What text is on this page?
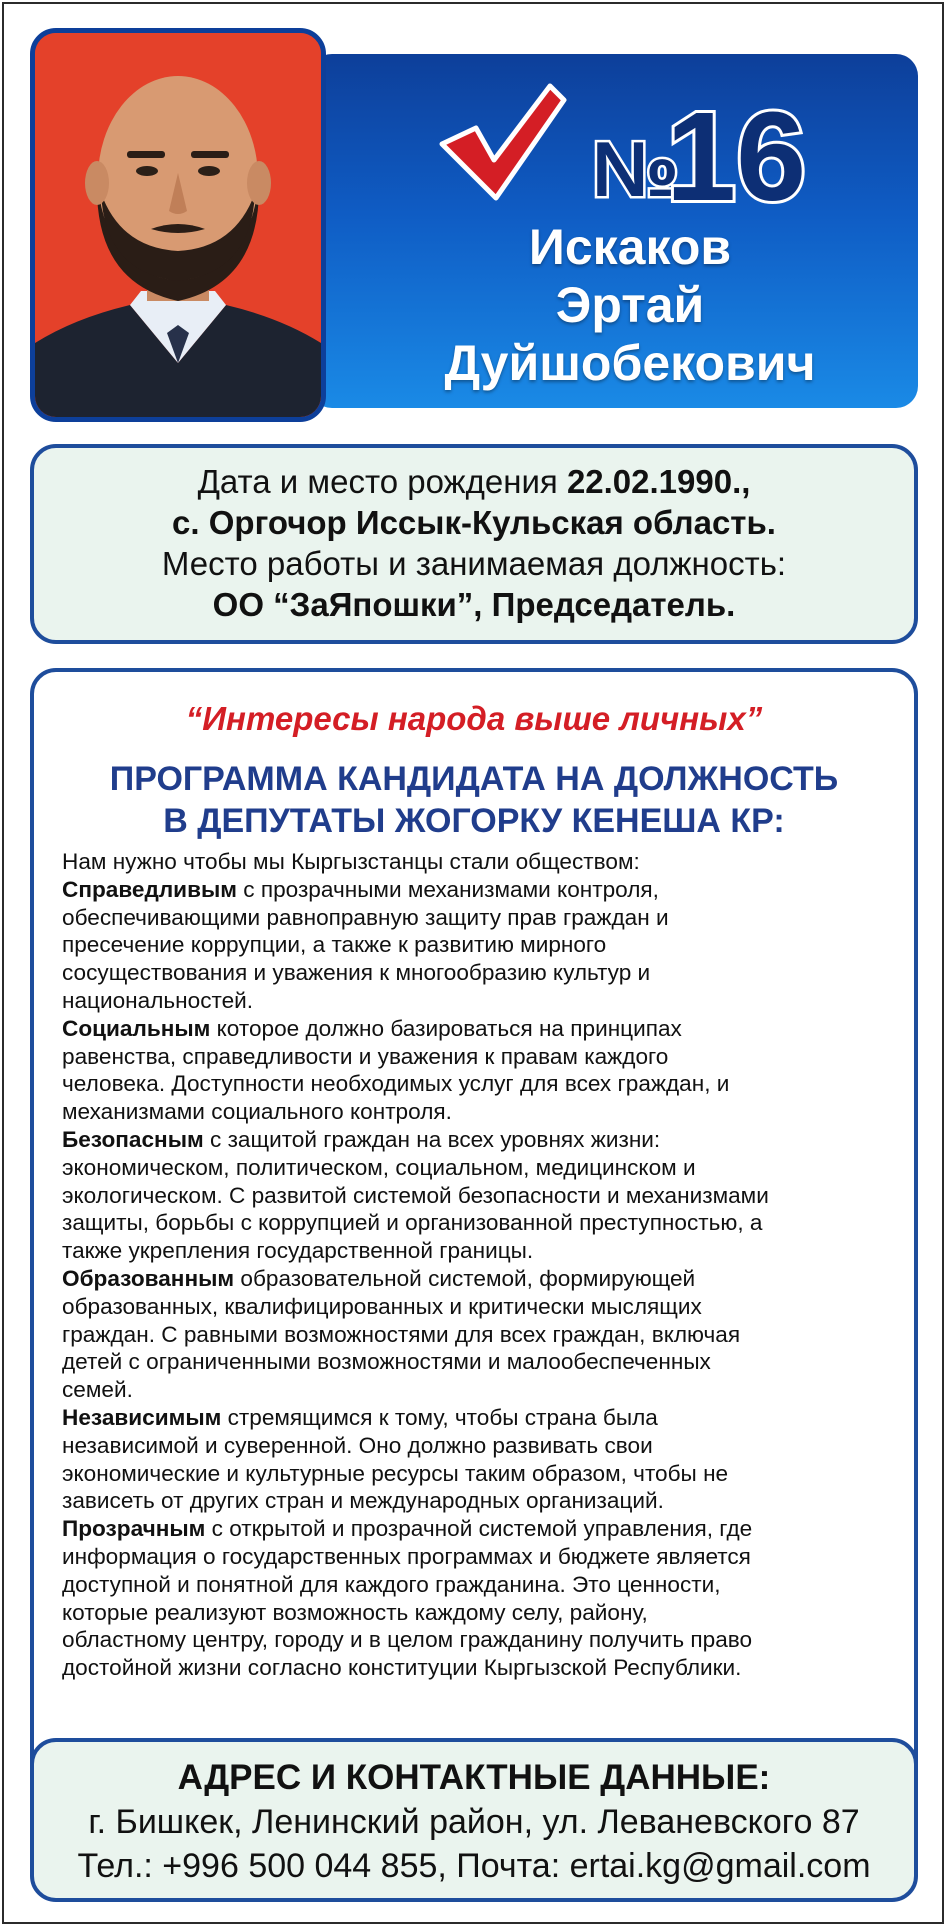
№
16
Искаков
Эртай
Дуйшобекович
Дата и место рождения 22.02.1990.,
с. Оргочор Иссык-Кульская область.
Место работы и занимаемая должность:
ОО “ЗаЯпошки”, Председатель.
“Интересы народа выше личных”
ПРОГРАММА КАНДИДАТА НА ДОЛЖНОСТЬ
В ДЕПУТАТЫ ЖОГОРКУ КЕНЕША КР:

Нам нужно чтобы мы Кыргызстанцы стали обществом:

Справедливым с прозрачными механизмами контроля,

обеспечивающими равноправную защиту прав граждан и

пресечение коррупции, а также к развитию мирного

сосуществования и уважения к многообразию культур и

национальностей.

Социальным которое должно базироваться на принципах

равенства, справедливости и уважения к правам каждого

человека. Доступности необходимых услуг для всех граждан, и

механизмами социального контроля.

Безопасным с защитой граждан на всех уровнях жизни:

экономическом, политическом, социальном, медицинском и

экологическом. С развитой системой безопасности и механизмами

защиты, борьбы с коррупцией и организованной преступностью, а

также укрепления государственной границы.

Образованным образовательной системой, формирующей

образованных, квалифицированных и критически мыслящих

граждан. С равными возможностями для всех граждан, включая

детей с ограниченными возможностями и малообеспеченных

семей.

Независимым стремящимся к тому, чтобы страна была

независимой и суверенной. Оно должно развивать свои

экономические и культурные ресурсы таким образом, чтобы не

зависеть от других стран и международных организаций.

Прозрачным с открытой и прозрачной системой управления, где

информация о государственных программах и бюджете является

доступной и понятной для каждого гражданина. Это ценности,

которые реализуют возможность каждому селу, району,

областному центру, городу и в целом гражданину получить право

достойной жизни согласно конституции Кыргызской Республики.

АДРЕС И КОНТАКТНЫЕ ДАННЫЕ:
г. Бишкек, Ленинский район, ул. Леваневского 87
Тел.: +996 500 044 855, Почта: ertai.kg@gmail.com
